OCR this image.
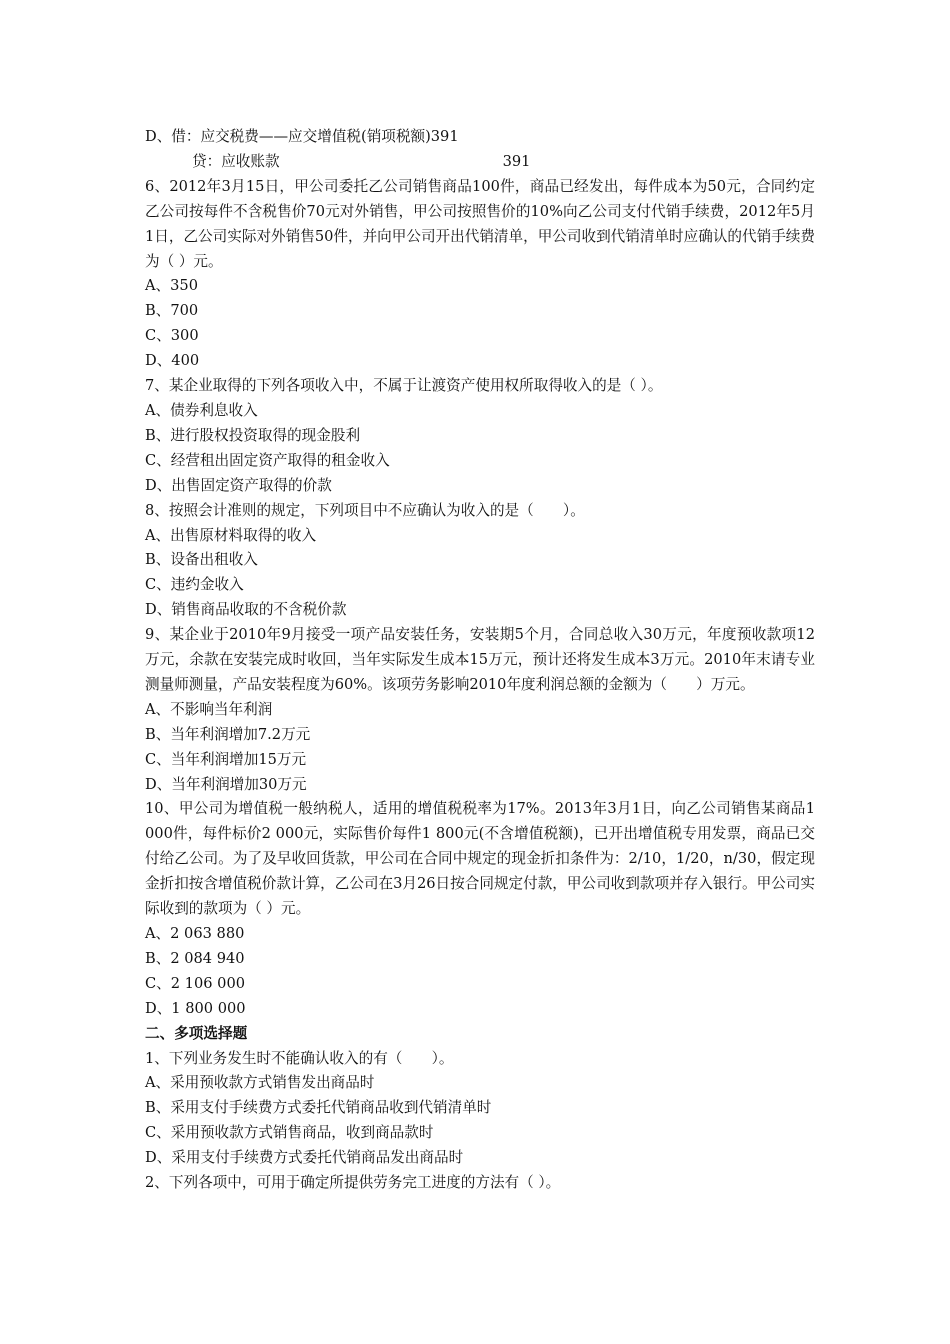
D、借：应交税费——应交增值税(销项税额)391

贷：应收账款	391

6、2012年3月15日，甲公司委托乙公司销售商品100件，商品已经发出，每件成本为50元，合同约定乙公司按每件不含税售价70元对外销售，甲公司按照售价的10%向乙公司支付代销手续费，2012年5月1日，乙公司实际对外销售50件，并向甲公司开出代销清单，甲公司收到代销清单时应确认的代销手续费为（ ）元。

A、350

B、700

C、300

D、400

7、某企业取得的下列各项收入中，不属于让渡资产使用权所取得收入的是（ ）。

A、债券利息收入

B、进行股权投资取得的现金股利

C、经营租出固定资产取得的租金收入

D、出售固定资产取得的价款

8、按照会计准则的规定，下列项目中不应确认为收入的是（　　）。

A、出售原材料取得的收入

B、设备出租收入

C、违约金收入

D、销售商品收取的不含税价款

9、某企业于2010年9月接受一项产品安装任务，安装期5个月，合同总收入30万元，年度预收款项12万元，余款在安装完成时收回，当年实际发生成本15万元，预计还将发生成本3万元。2010年末请专业测量师测量，产品安装程度为60%。该项劳务影响2010年度利润总额的金额为（　　）万元。

A、不影响当年利润

B、当年利润增加7.2万元

C、当年利润增加15万元

D、当年利润增加30万元

10、甲公司为增值税一般纳税人，适用的增值税税率为17%。2013年3月1日，向乙公司销售某商品1 000件，每件标价2 000元，实际售价每件1 800元(不含增值税额)，已开出增值税专用发票，商品已交付给乙公司。为了及早收回货款，甲公司在合同中规定的现金折扣条件为：2/10，1/20，n/30，假定现金折扣按含增值税价款计算，乙公司在3月26日按合同规定付款，甲公司收到款项并存入银行。甲公司实际收到的款项为（ ）元。

A、2 063 880

B、2 084 940

C、2 106 000

D、1 800 000

二、多项选择题

1、下列业务发生时不能确认收入的有（　　）。

A、采用预收款方式销售发出商品时

B、采用支付手续费方式委托代销商品收到代销清单时

C、采用预收款方式销售商品，收到商品款时

D、采用支付手续费方式委托代销商品发出商品时

2、下列各项中，可用于确定所提供劳务完工进度的方法有（ ）。
